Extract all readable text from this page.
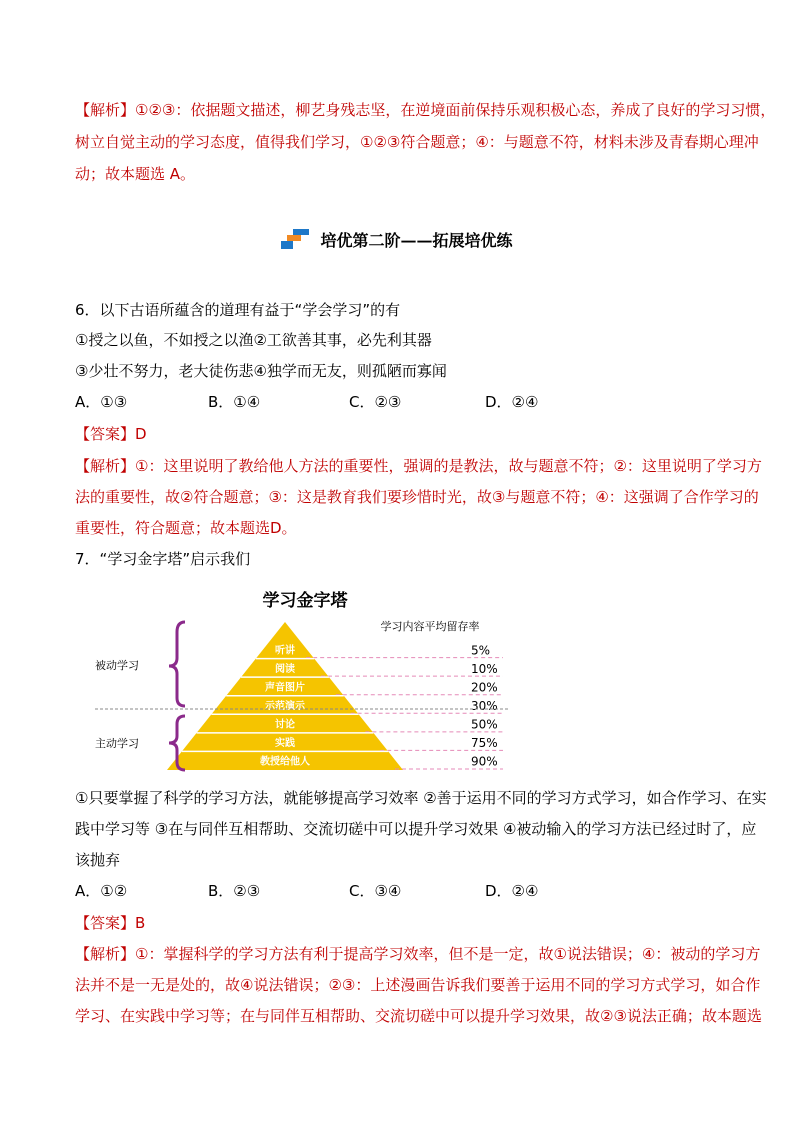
【解析】①②③：依据题文描述，柳艺身残志坚，在逆境面前保持乐观积极心态，养成了良好的学习习惯，
树立自觉主动的学习态度，值得我们学习，①②③符合题意；④：与题意不符，材料未涉及青春期心理冲
动；故本题选 A。
培优第二阶——拓展培优练
6．以下古语所蕴含的道理有益于“学会学习”的有
①授之以鱼，不如授之以渔②工欲善其事，必先利其器
③少壮不努力，老大徒伤悲④独学而无友，则孤陋而寡闻
A．①③	B．①④	C．②③	D．②④
【答案】D
【解析】①：这里说明了教给他人方法的重要性，强调的是教法，故与题意不符；②：这里说明了学习方
法的重要性，故②符合题意；③：这是教育我们要珍惜时光，故③与题意不符；④：这强调了合作学习的
重要性，符合题意；故本题选D。
7．“学习金字塔”启示我们
学习金字塔
学习内容平均留存率
听讲	5%
阅读	10%
声音图片	20%
示范演示	30%
讨论	50%
实践	75%
教授给他人	90%
被动学习
主动学习
①只要掌握了科学的学习方法，就能够提高学习效率 ②善于运用不同的学习方式学习，如合作学习、在实
践中学习等 ③在与同伴互相帮助、交流切磋中可以提升学习效果 ④被动输入的学习方法已经过时了，应
该抛弃
A．①②	B．②③	C．③④	D．②④
【答案】B
【解析】①：掌握科学的学习方法有利于提高学习效率，但不是一定，故①说法错误；④：被动的学习方
法并不是一无是处的，故④说法错误；②③：上述漫画告诉我们要善于运用不同的学习方式学习，如合作
学习、在实践中学习等；在与同伴互相帮助、交流切磋中可以提升学习效果，故②③说法正确；故本题选
